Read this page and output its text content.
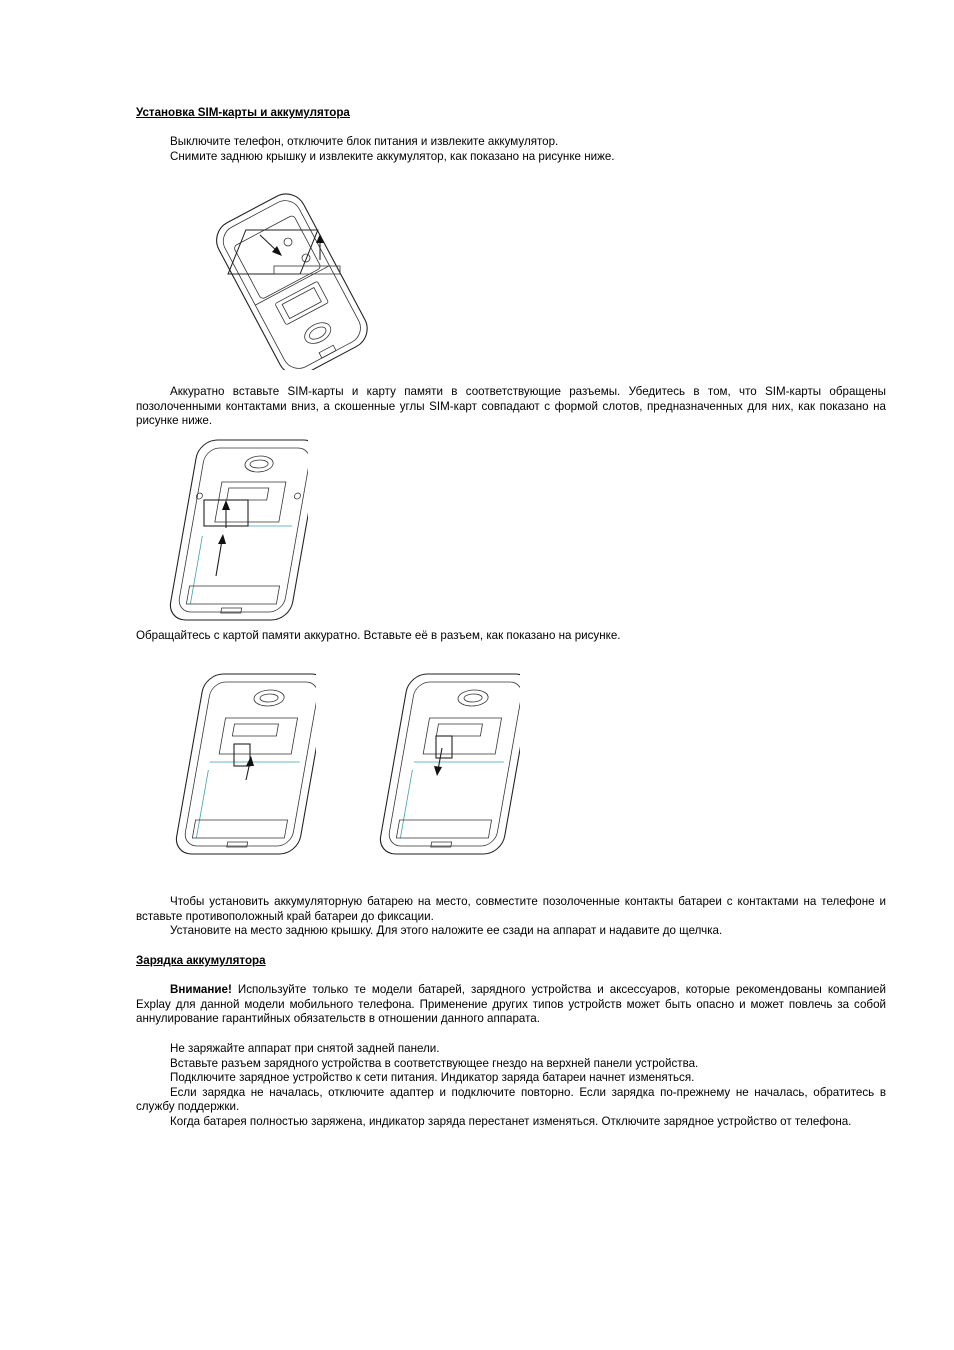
Установка SIM-карты и аккумулятора

Выключите телефон, отключите блок питания и извлеките аккумулятор.

Снимите заднюю крышку и извлеките аккумулятор, как показано на рисунке ниже.

Аккуратно вставьте SIM-карты и карту памяти в соответствующие разъемы. Убедитесь в том, что SIM-карты обращены позолоченными контактами вниз, а скошенные углы SIM-карт совпадают с формой слотов, предназначенных для них, как показано на рисунке ниже.
Обращайтесь с картой памяти аккуратно. Вставьте её в разъем, как показано на рисунке.

Чтобы установить аккумуляторную батарею на место, совместите позолоченные контакты батареи с контактами на телефоне и вставьте противоположный край батареи до фиксации.

Установите на место заднюю крышку. Для этого наложите ее сзади на аппарат и надавите до щелчка.

Зарядка аккумулятора
Внимание! Используйте только те модели батарей, зарядного устройства и аксессуаров, которые рекомендованы компанией Explay для данной модели мобильного телефона. Применение других типов устройств может быть опасно и может повлечь за собой аннулирование гарантийных обязательств в отношении данного аппарата.

Не заряжайте аппарат при снятой задней панели.

Вставьте разъем зарядного устройства в соответствующее гнездо на верхней панели устройства.

Подключите зарядное устройство к сети питания. Индикатор заряда батареи начнет изменяться.

Если зарядка не началась, отключите адаптер и подключите повторно. Если зарядка по-прежнему не началась, обратитесь в службу поддержки.

Когда батарея полностью заряжена, индикатор заряда перестанет изменяться. Отключите зарядное устройство от телефона.
